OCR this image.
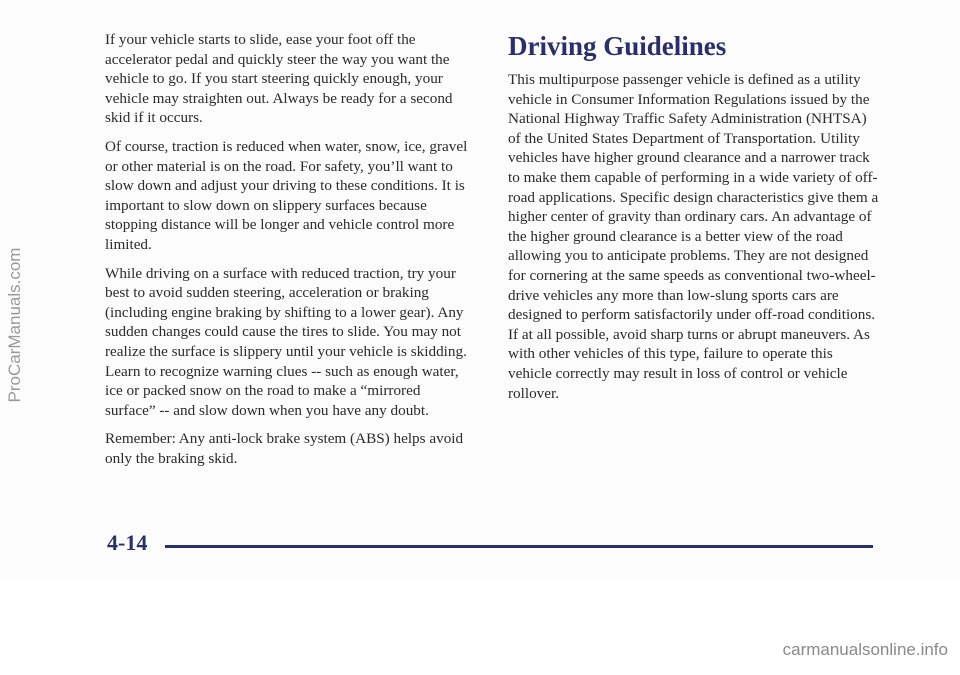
If your vehicle starts to slide, ease your foot off the accelerator pedal and quickly steer the way you want the vehicle to go. If you start steering quickly enough, your vehicle may straighten out. Always be ready for a second skid if it occurs.

Of course, traction is reduced when water, snow, ice, gravel or other material is on the road. For safety, you’ll want to slow down and adjust your driving to these conditions. It is important to slow down on slippery surfaces because stopping distance will be longer and vehicle control more limited.

While driving on a surface with reduced traction, try your best to avoid sudden steering, acceleration or braking (including engine braking by shifting to a lower gear). Any sudden changes could cause the tires to slide. You may not realize the surface is slippery until your vehicle is skidding. Learn to recognize warning clues -- such as enough water, ice or packed snow on the road to make a “mirrored surface” -- and slow down when you have any doubt.

Remember: Any anti-lock brake system (ABS) helps avoid only the braking skid.

Driving Guidelines

This multipurpose passenger vehicle is defined as a utility vehicle in Consumer Information Regulations issued by the National Highway Traffic Safety Administration (NHTSA) of the United States Department of Transportation. Utility vehicles have higher ground clearance and a narrower track to make them capable of performing in a wide variety of off-road applications. Specific design characteristics give them a higher center of gravity than ordinary cars. An advantage of the higher ground clearance is a better view of the road allowing you to anticipate problems. They are not designed for cornering at the same speeds as conventional two-wheel-drive vehicles any more than low-slung sports cars are designed to perform satisfactorily under off-road conditions. If at all possible, avoid sharp turns or abrupt maneuvers. As with other vehicles of this type, failure to operate this vehicle correctly may result in loss of control or vehicle rollover.

4-14
ProCarManuals.com
carmanualsonline.info
